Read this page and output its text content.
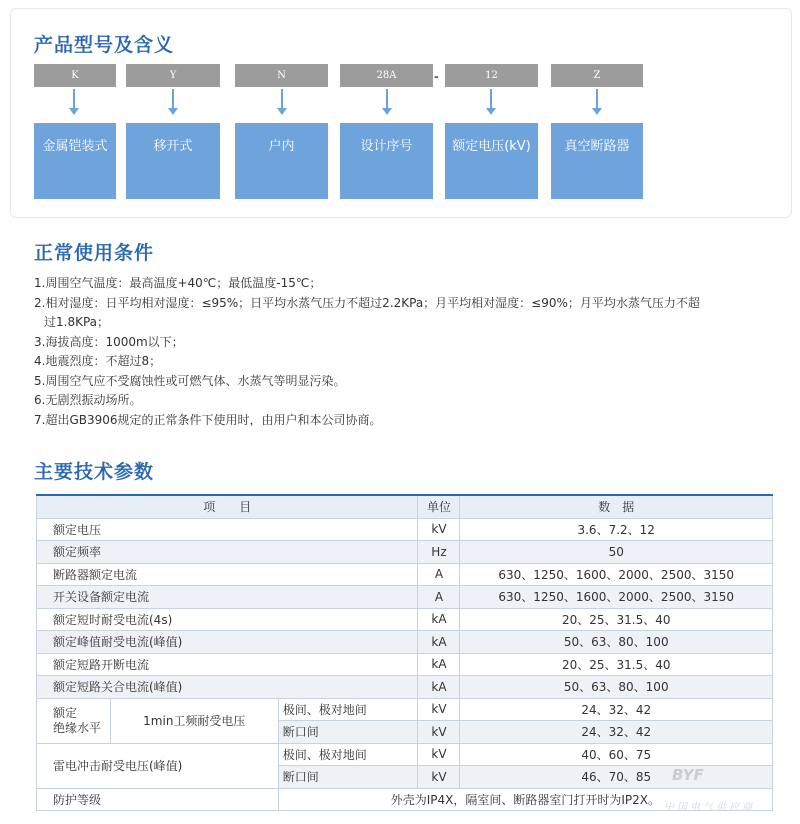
产品型号及含义
K	Y	N	28A	-	12	Z
金属铠装式	移开式	户内	设计序号	额定电压(kV)	真空断路器
正常使用条件
1.周围空气温度：最高温度+40℃；最低温度-15℃；
2.相对湿度：日平均相对湿度：≤95%；日平均水蒸气压力不超过2.2KPa；月平均相对湿度：≤90%；月平均水蒸气压力不超
过1.8KPa；
3.海拔高度：1000m以下；
4.地震烈度：不超过8；
5.周围空气应不受腐蚀性或可燃气体、水蒸气等明显污染。
6.无剧烈振动场所。
7.超出GB3906规定的正常条件下使用时，由用户和本公司协商。
主要技术参数
项　　目			单位	数　据
额定电压			kV	3.6、7.2、12
额定频率			Hz	50
断路器额定电流			A	630、1250、1600、2000、2500、3150
开关设备额定电流			A	630、1250、1600、2000、2500、3150
额定短时耐受电流(4s)			kA	20、25、31.5、40
额定峰值耐受电流(峰值)			kA	50、63、80、100
额定短路开断电流			kA	20、25、31.5、40
额定短路关合电流(峰值)			kA	50、63、80、100
额定
绝缘水平	1min工频耐受电压	极间、极对地间	kV	24、32、42
		断口间	kV	24、32、42
雷电冲击耐受电压(峰值)		极间、极对地间	kV	40、60、75
		断口间	kV	46、70、85
防护等级		外壳为IP4X，隔室间、断路器室门打开时为IP2X。		
BYF
中国电气供应商
